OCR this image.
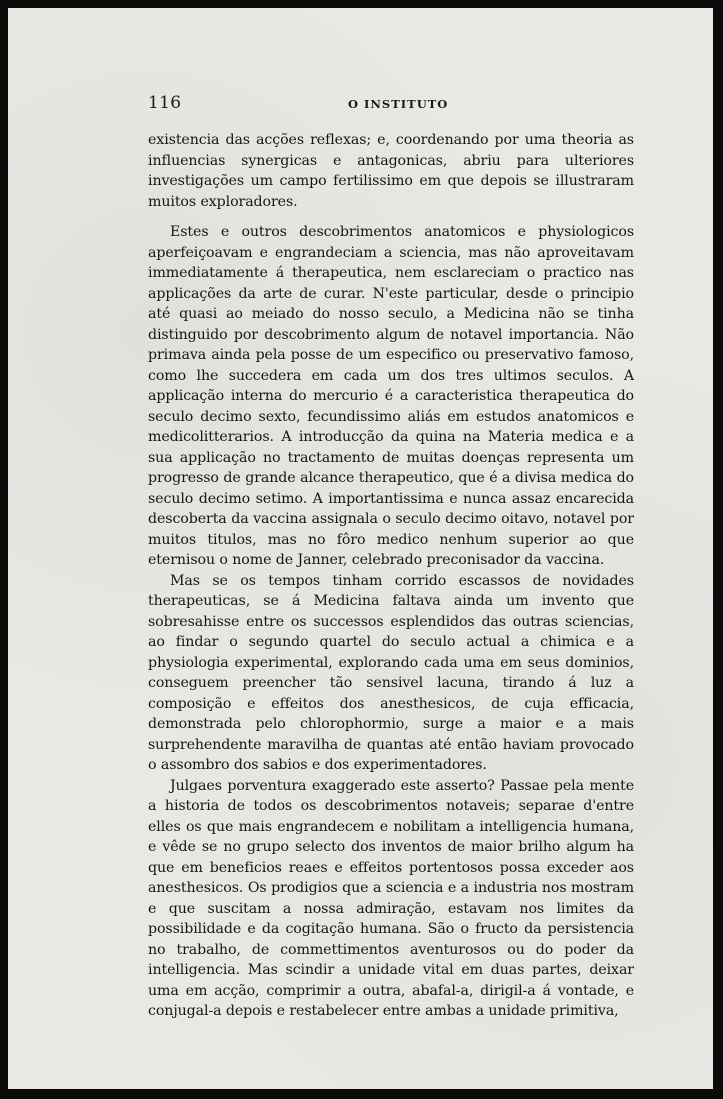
116	O INSTITUTO

existencia das acções reflexas; e, coordenando por uma theoria as influencias synergicas e antagonicas, abriu para ulteriores investigações um campo fertilissimo em que depois se illustraram muitos exploradores.

Estes e outros descobrimentos anatomicos e physiologicos aperfeiçoavam e engrandeciam a sciencia, mas não aproveitavam immediatamente á therapeutica, nem esclareciam o practico nas applicações da arte de curar. N'este particular, desde o principio até quasi ao meiado do nosso seculo, a Medicina não se tinha distinguido por descobrimento algum de notavel importancia. Não primava ainda pela posse de um especifico ou preservativo famoso, como lhe succedera em cada um dos tres ultimos seculos. A applicação interna do mercurio é a caracteristica therapeutica do seculo decimo sexto, fecundissimo aliás em estudos anatomicos e medicolitterarios. A introducção da quina na Materia medica e a sua applicação no tractamento de muitas doenças representa um progresso de grande alcance therapeutico, que é a divisa medica do seculo decimo setimo. A importantissima e nunca assaz encarecida descoberta da vaccina assignala o seculo decimo oitavo, notavel por muitos titulos, mas no fôro medico nenhum superior ao que eternisou o nome de Janner, celebrado preconisador da vaccina.

Mas se os tempos tinham corrido escassos de novidades therapeuticas, se á Medicina faltava ainda um invento que sobresahisse entre os successos esplendidos das outras sciencias, ao findar o segundo quartel do seculo actual a chimica e a physiologia experimental, explorando cada uma em seus dominios, conseguem preencher tão sensivel lacuna, tirando á luz a composição e effeitos dos anesthesicos, de cuja efficacia, demonstrada pelo chlorophormio, surge a maior e a mais surprehendente maravilha de quantas até então haviam provocado o assombro dos sabios e dos experimentadores.

Julgaes porventura exaggerado este asserto? Passae pela mente a historia de todos os descobrimentos notaveis; separae d'entre elles os que mais engrandecem e nobilitam a intelligencia humana, e vêde se no grupo selecto dos inventos de maior brilho algum ha que em beneficios reaes e effeitos portentosos possa exceder aos anesthesicos. Os prodigios que a sciencia e a industria nos mostram e que suscitam a nossa admiração, estavam nos limites da possibilidade e da cogitação humana. São o fructo da persistencia no trabalho, de commettimentos aventurosos ou do poder da intelligencia. Mas scindir a unidade vital em duas partes, deixar uma em acção, comprimir a outra, abafal-a, dirigil-a á vontade, e conjugal-a depois e restabelecer entre ambas a unidade primitiva,
